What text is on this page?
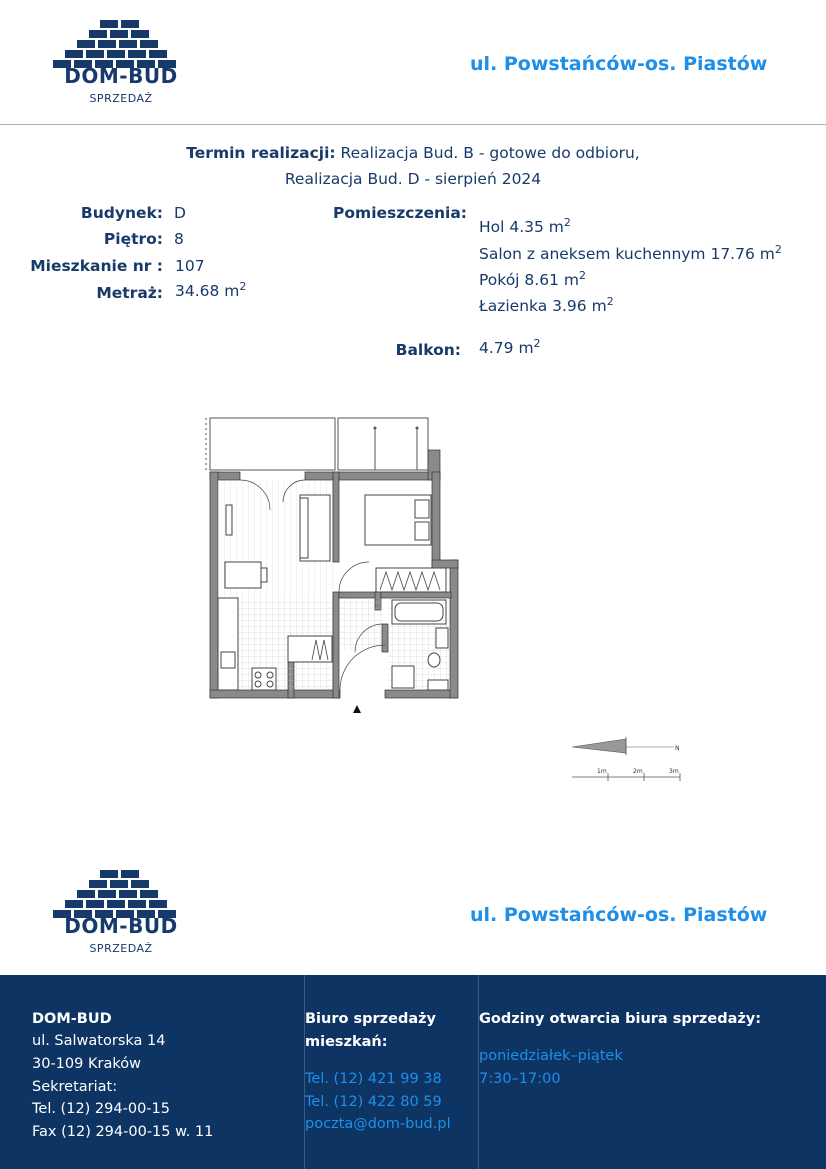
DOM-BUD
SPRZEDAŻ
ul. Powstańców-os. Piastów
Termin realizacji: Realizacja Bud. B - gotowe do odbioru,
Realizacja Bud. D - sierpień 2024
Budynek: D
Piętro: 8
Mieszkanie nr : 107
Metraż: 34.68 $m^2$
Pomieszczenia:
Hol 4.35 $m^2$
Salon z aneksem kuchennym 17.76 $m^2$
Pokój 8.61 $m^2$
Łazienka 3.96 $m^2$
Balkon: 4.79 $m^2$
N
1m	2m	3m
DOM-BUD
SPRZEDAŻ
ul. Powstańców-os. Piastów
DOM-BUD
ul. Salwatorska 14
30-109 Kraków
Sekretariat:
Tel. (12) 294-00-15
Fax (12) 294-00-15 w. 11
Biuro sprzedaży
mieszkań:
Tel. (12) 421 99 38
Tel. (12) 422 80 59
poczta@dom-bud.pl
Godziny otwarcia biura sprzedaży:
poniedziałek–piątek
7:30–17:00
